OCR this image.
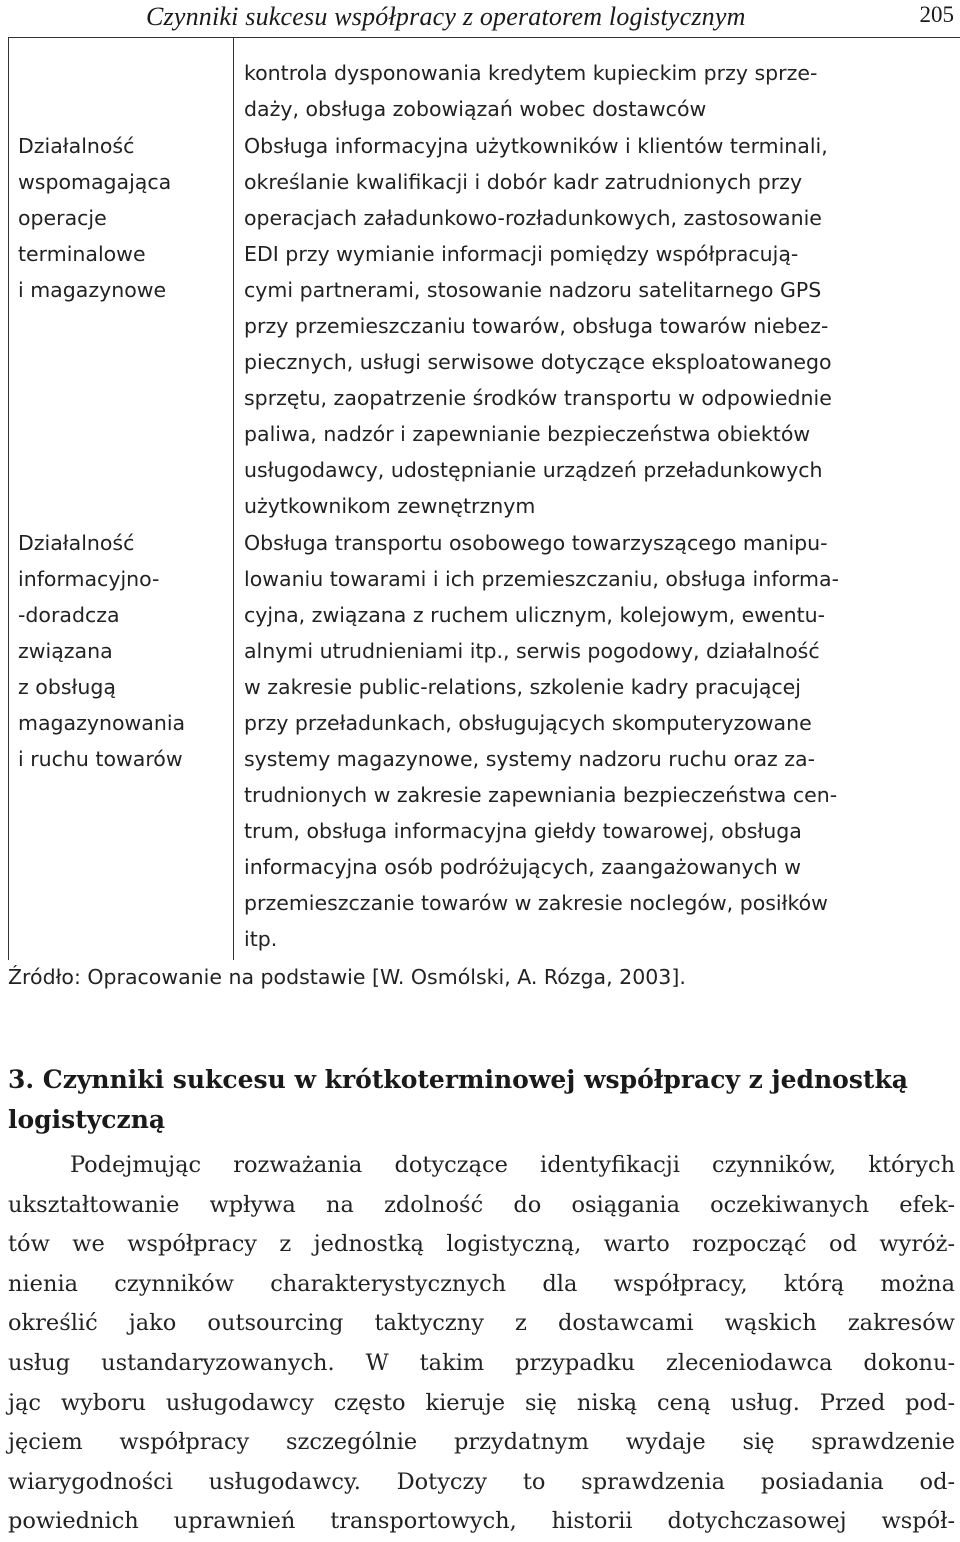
Czynniki sukcesu współpracy z operatorem logistycznym	205
kontrola dysponowania kredytem kupieckim przy sprze-
daży, obsługa zobowiązań wobec dostawców
Działalność
wspomagająca
operacje
terminalowe
i magazynowe
Obsługa informacyjna użytkowników i klientów terminali,
określanie kwalifikacji i dobór kadr zatrudnionych przy
operacjach załadunkowo-rozładunkowych, zastosowanie
EDI przy wymianie informacji pomiędzy współpracują-
cymi partnerami, stosowanie nadzoru satelitarnego GPS
przy przemieszczaniu towarów, obsługa towarów niebez-
piecznych, usługi serwisowe dotyczące eksploatowanego
sprzętu, zaopatrzenie środków transportu w odpowiednie
paliwa, nadzór i zapewnianie bezpieczeństwa obiektów
usługodawcy, udostępnianie urządzeń przeładunkowych
użytkownikom zewnętrznym
Działalność
informacyjno-
-doradcza
związana
z obsługą
magazynowania
i ruchu towarów
Obsługa transportu osobowego towarzyszącego manipu-
lowaniu towarami i ich przemieszczaniu, obsługa informa-
cyjna, związana z ruchem ulicznym, kolejowym, ewentu-
alnymi utrudnieniami itp., serwis pogodowy, działalność
w zakresie public-relations, szkolenie kadry pracującej
przy przeładunkach, obsługujących skomputeryzowane
systemy magazynowe, systemy nadzoru ruchu oraz za-
trudnionych w zakresie zapewniania bezpieczeństwa cen-
trum, obsługa informacyjna giełdy towarowej, obsługa
informacyjna osób podróżujących, zaangażowanych w
przemieszczanie towarów w zakresie noclegów, posiłków
itp.
Źródło: Opracowanie na podstawie [W. Osmólski, A. Rózga, 2003].
3. Czynniki sukcesu w krótkoterminowej współpracy z jednostką
logistyczną
Podejmując rozważania dotyczące identyfikacji czynników, których
ukształtowanie wpływa na zdolność do osiągania oczekiwanych efek-
tów we współpracy z jednostką logistyczną, warto rozpocząć od wyróż-
nienia czynników charakterystycznych dla współpracy, którą można
określić jako outsourcing taktyczny z dostawcami wąskich zakresów
usług ustandaryzowanych. W takim przypadku zleceniodawca dokonu-
jąc wyboru usługodawcy często kieruje się niską ceną usług. Przed pod-
jęciem współpracy szczególnie przydatnym wydaje się sprawdzenie
wiarygodności usługodawcy. Dotyczy to sprawdzenia posiadania od-
powiednich uprawnień transportowych, historii dotychczasowej współ-
